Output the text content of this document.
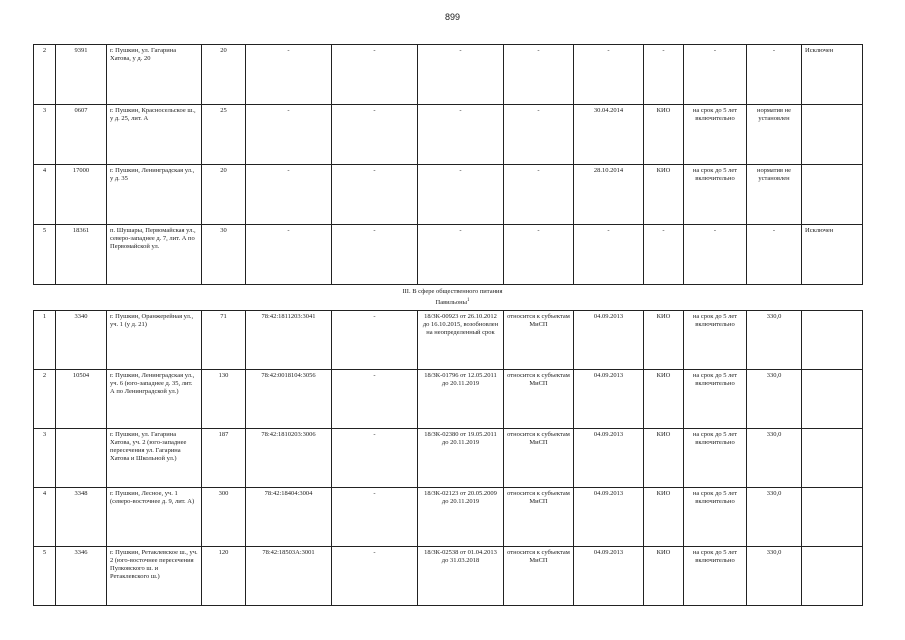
899
2	9391	г. Пушкин, ул. Гагарина Хатова, у д. 20	20	-	-	-	-	-	-	-	-	Исключен
3	0607	г. Пушкин, Красносельское ш., у д. 25, лит. А	25	-	-	-	-	30.04.2014	КИО	на срок до 5 лет включительно	норматив не установлен	
4	17000	г. Пушкин, Ленинградская ул., у д. 35	20	-	-	-	-	28.10.2014	КИО	на срок до 5 лет включительно	норматив не установлен	
5	18361	п. Шушары, Первомайская ул., северо-западнее д. 7, лит. А по Первомайской ул.	30	-	-	-	-	-	-	-	-	Исключен
III. В сфере общественного питания
Павильоны$^1$
1	3340	г. Пушкин, Оранжерейная ул., уч. 1 (у д. 21)	71	78:42:1811203:3041	-	18/ЗК-00923 от 26.10.2012 до 16.10.2015, возобновлен на неопределенный срок	относится к субъектам МиСП	04.09.2013	КИО	на срок до 5 лет включительно	330,0	
2	10504	г. Пушкин, Ленинградская ул., уч. 6 (юго-западнее д. 35, лит. А по Ленинградской ул.)	130	78:42:0018104:3056	-	18/ЗК-01796 от 12.05.2011 до 20.11.2019	относится к субъектам МиСП	04.09.2013	КИО	на срок до 5 лет включительно	330,0	
3		г. Пушкин, ул. Гагарина Хатова, уч. 2 (юго-западнее пересечения ул. Гагарина Хатова и Школьной ул.)	187	78:42:1810203:3006	-	18/ЗК-02380 от 19.05.2011 до 20.11.2019	относится к субъектам МиСП	04.09.2013	КИО	на срок до 5 лет включительно	330,0	
4	3348	г. Пушкин, Лесное, уч. 1 (северо-восточнее д. 9, лит. А)	300	78:42:18404:3004	-	18/ЗК-02123 от 20.05.2009 до 20.11.2019	относится к субъектам МиСП	04.09.2013	КИО	на срок до 5 лет включительно	330,0	
5	3346	г. Пушкин, Ретаклевское ш., уч. 2 (юго-восточнее пересечения Пулковского ш. и Ретаклевского ш.)	120	78:42:18503А:3001	-	18/ЗК-02538 от 01.04.2013 до 31.03.2018	относится к субъектам МиСП	04.09.2013	КИО	на срок до 5 лет включительно	330,0	
